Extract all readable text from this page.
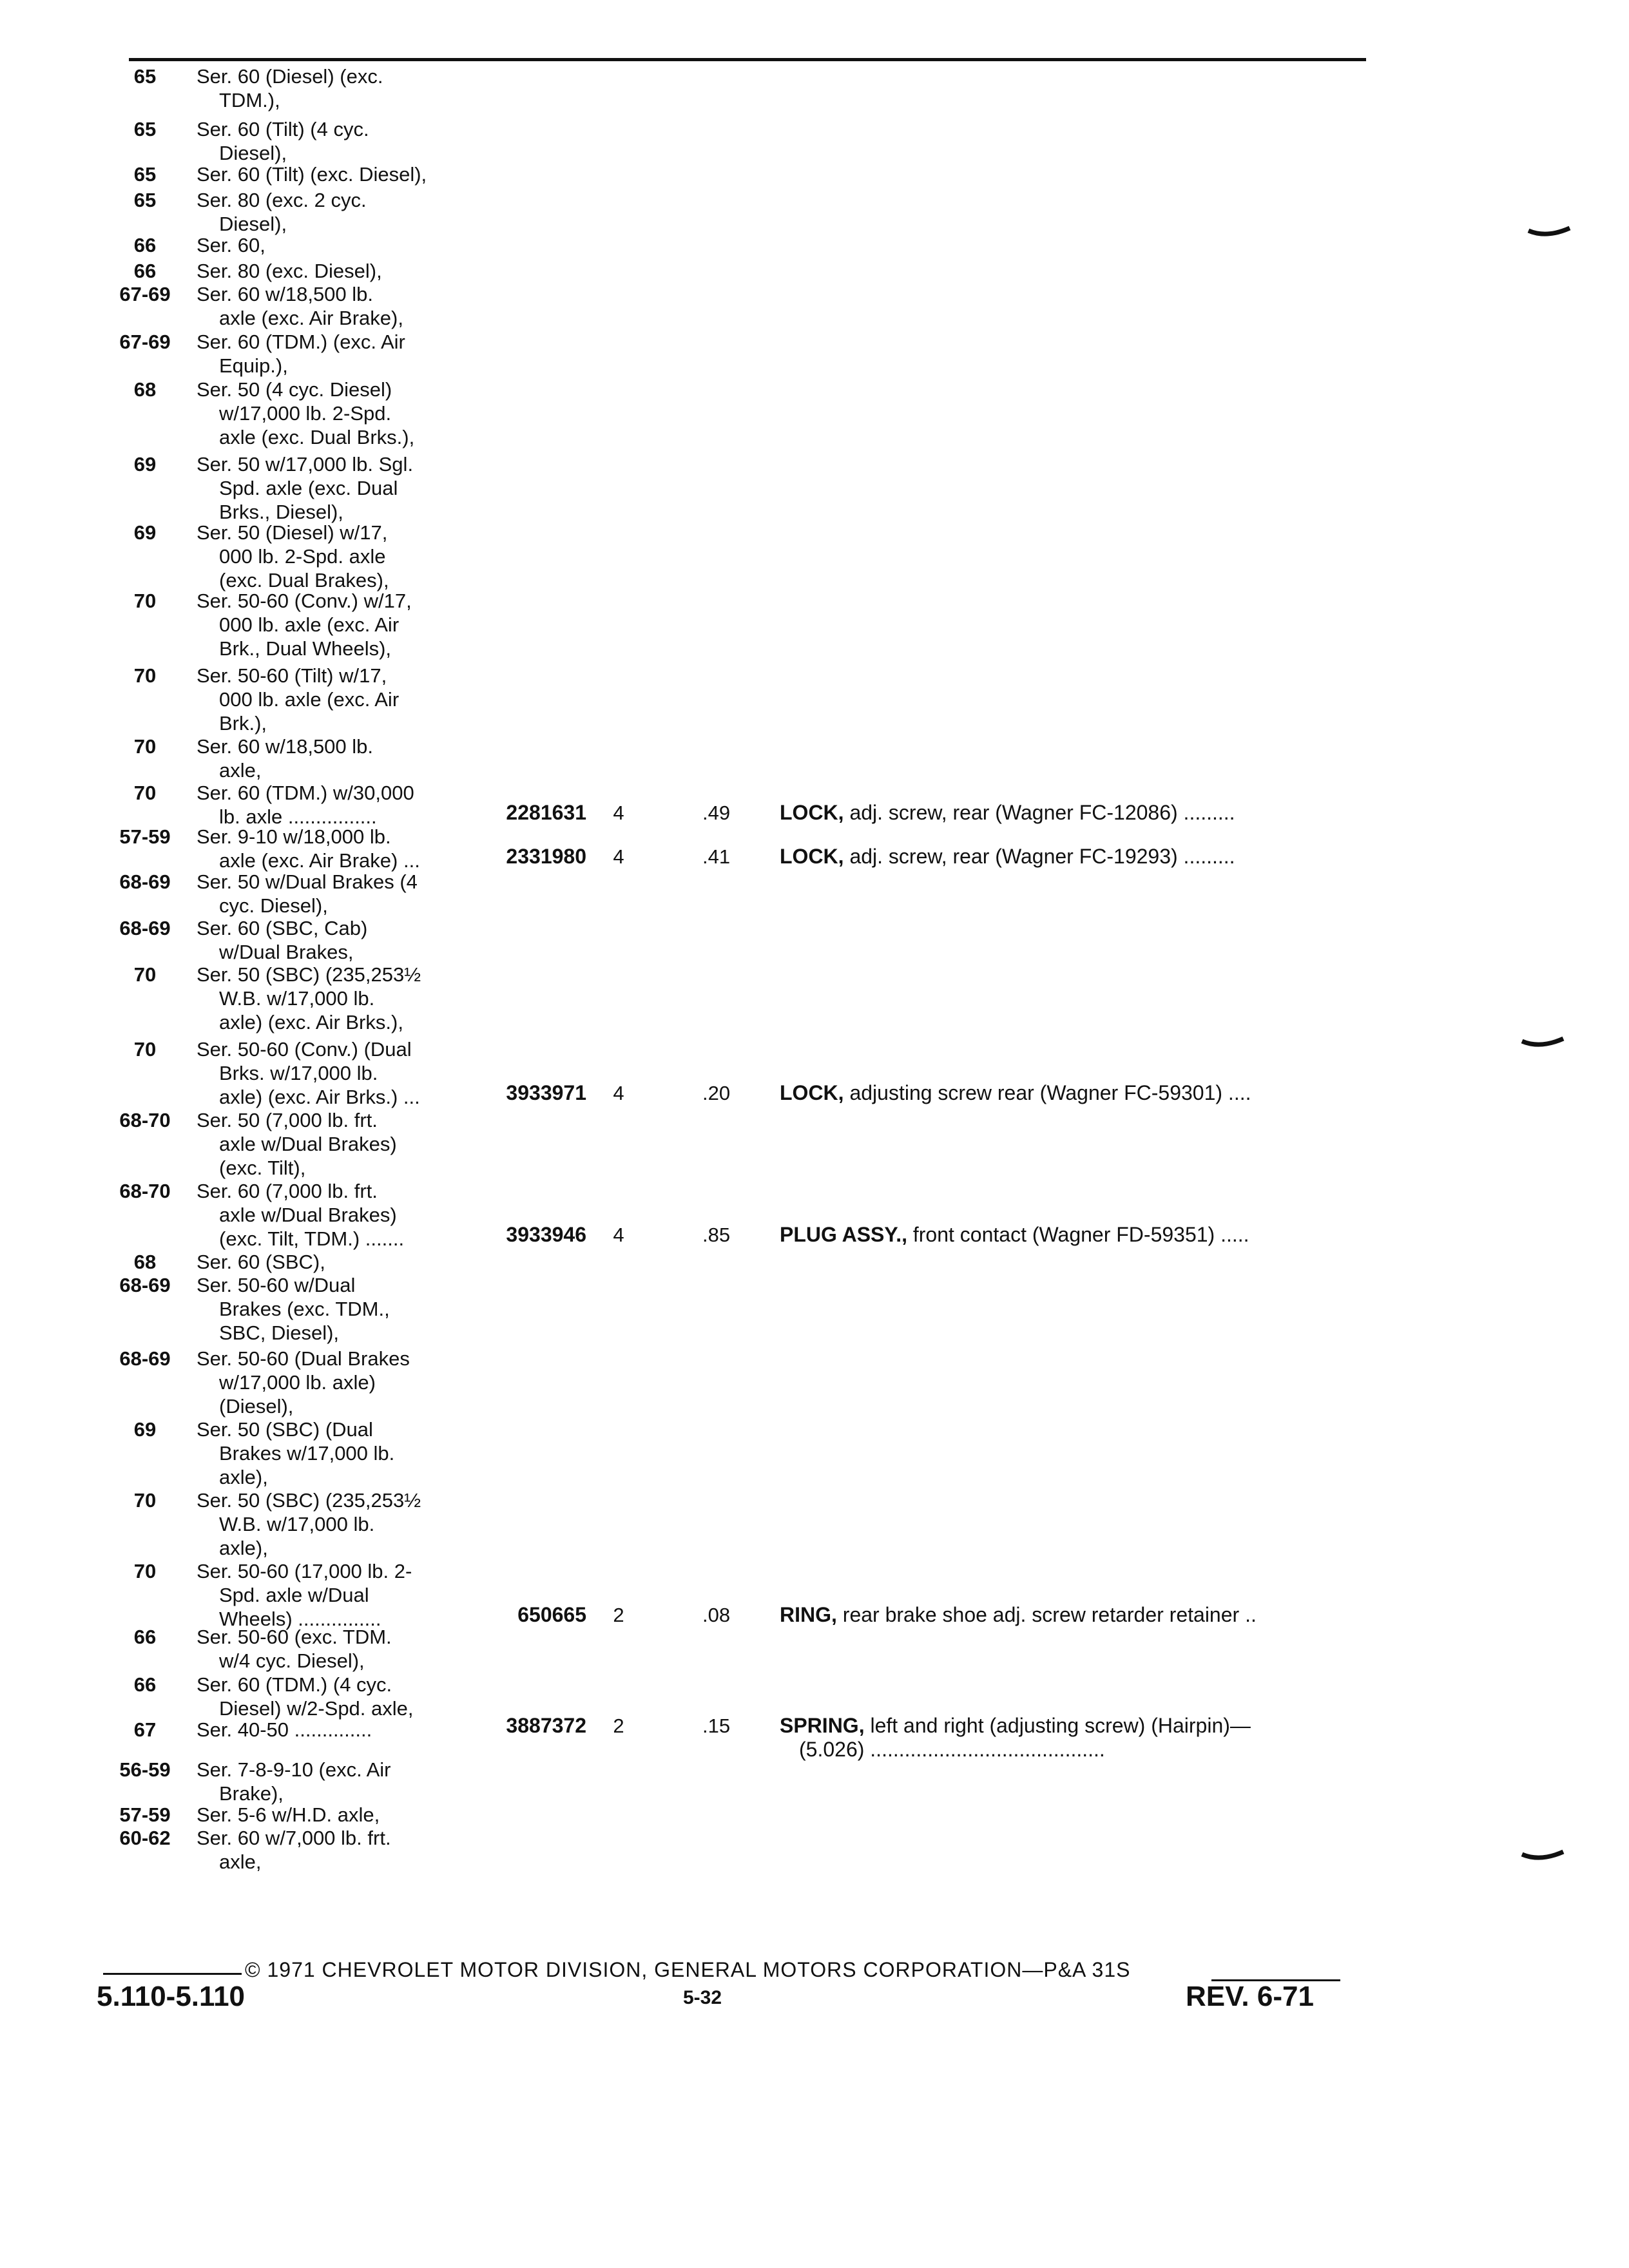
65	Ser. 60 (Diesel) (exc.
TDM.),
65	Ser. 60 (Tilt) (4 cyc.
Diesel),
65	Ser. 60 (Tilt) (exc. Diesel),
65	Ser. 80 (exc. 2 cyc.
Diesel),
66	Ser. 60,
66	Ser. 80 (exc. Diesel),
67-69	Ser. 60 w/18,500 lb.
axle (exc. Air Brake),
67-69	Ser. 60 (TDM.) (exc. Air
Equip.),
68	Ser. 50 (4 cyc. Diesel)
w/17,000 lb. 2-Spd.
axle (exc. Dual Brks.),
69	Ser. 50 w/17,000 lb. Sgl.
Spd. axle (exc. Dual
Brks., Diesel),
69	Ser. 50 (Diesel) w/17,
000 lb. 2-Spd. axle
(exc. Dual Brakes),
70	Ser. 50-60 (Conv.) w/17,
000 lb. axle (exc. Air
Brk., Dual Wheels),
70	Ser. 50-60 (Tilt) w/17,
000 lb. axle (exc. Air
Brk.),
70	Ser. 60 w/18,500 lb.
axle,
70	Ser. 60 (TDM.) w/30,000
lb. axle ................	2281631	4	.49	LOCK, adj. screw, rear (Wagner FC-12086) .........
57-59	Ser. 9-10 w/18,000 lb.
axle (exc. Air Brake) ...	2331980	4	.41	LOCK, adj. screw, rear (Wagner FC-19293) .........
68-69	Ser. 50 w/Dual Brakes (4
cyc. Diesel),
68-69	Ser. 60 (SBC, Cab)
w/Dual Brakes,
70	Ser. 50 (SBC) (235,253½
W.B. w/17,000 lb.
axle) (exc. Air Brks.),
70	Ser. 50-60 (Conv.) (Dual
Brks. w/17,000 lb.
axle) (exc. Air Brks.) ...	3933971	4	.20	LOCK, adjusting screw rear (Wagner FC-59301) ....
68-70	Ser. 50 (7,000 lb. frt.
axle w/Dual Brakes)
(exc. Tilt),
68-70	Ser. 60 (7,000 lb. frt.
axle w/Dual Brakes)
(exc. Tilt, TDM.) .......	3933946	4	.85	PLUG ASSY., front contact (Wagner FD-59351) .....
68	Ser. 60 (SBC),
68-69	Ser. 50-60 w/Dual
Brakes (exc. TDM.,
SBC, Diesel),
68-69	Ser. 50-60 (Dual Brakes
w/17,000 lb. axle)
(Diesel),
69	Ser. 50 (SBC) (Dual
Brakes w/17,000 lb.
axle),
70	Ser. 50 (SBC) (235,253½
W.B. w/17,000 lb.
axle),
70	Ser. 50-60 (17,000 lb. 2-
Spd. axle w/Dual
Wheels) ...............	650665	2	.08	RING, rear brake shoe adj. screw retarder retainer ..
66	Ser. 50-60 (exc. TDM.
w/4 cyc. Diesel),
66	Ser. 60 (TDM.) (4 cyc.
Diesel) w/2-Spd. axle,
67	Ser. 40-50 ..............	3887372	2	.15	SPRING, left and right (adjusting screw) (Hairpin)—
(5.026) .........................................
56-59	Ser. 7-8-9-10 (exc. Air
Brake),
57-59	Ser. 5-6 w/H.D. axle,
60-62	Ser. 60 w/7,000 lb. frt.
axle,
© 1971 CHEVROLET MOTOR DIVISION, GENERAL MOTORS CORPORATION—P&A 31S
5.110-5.110	5-32	REV. 6-71
